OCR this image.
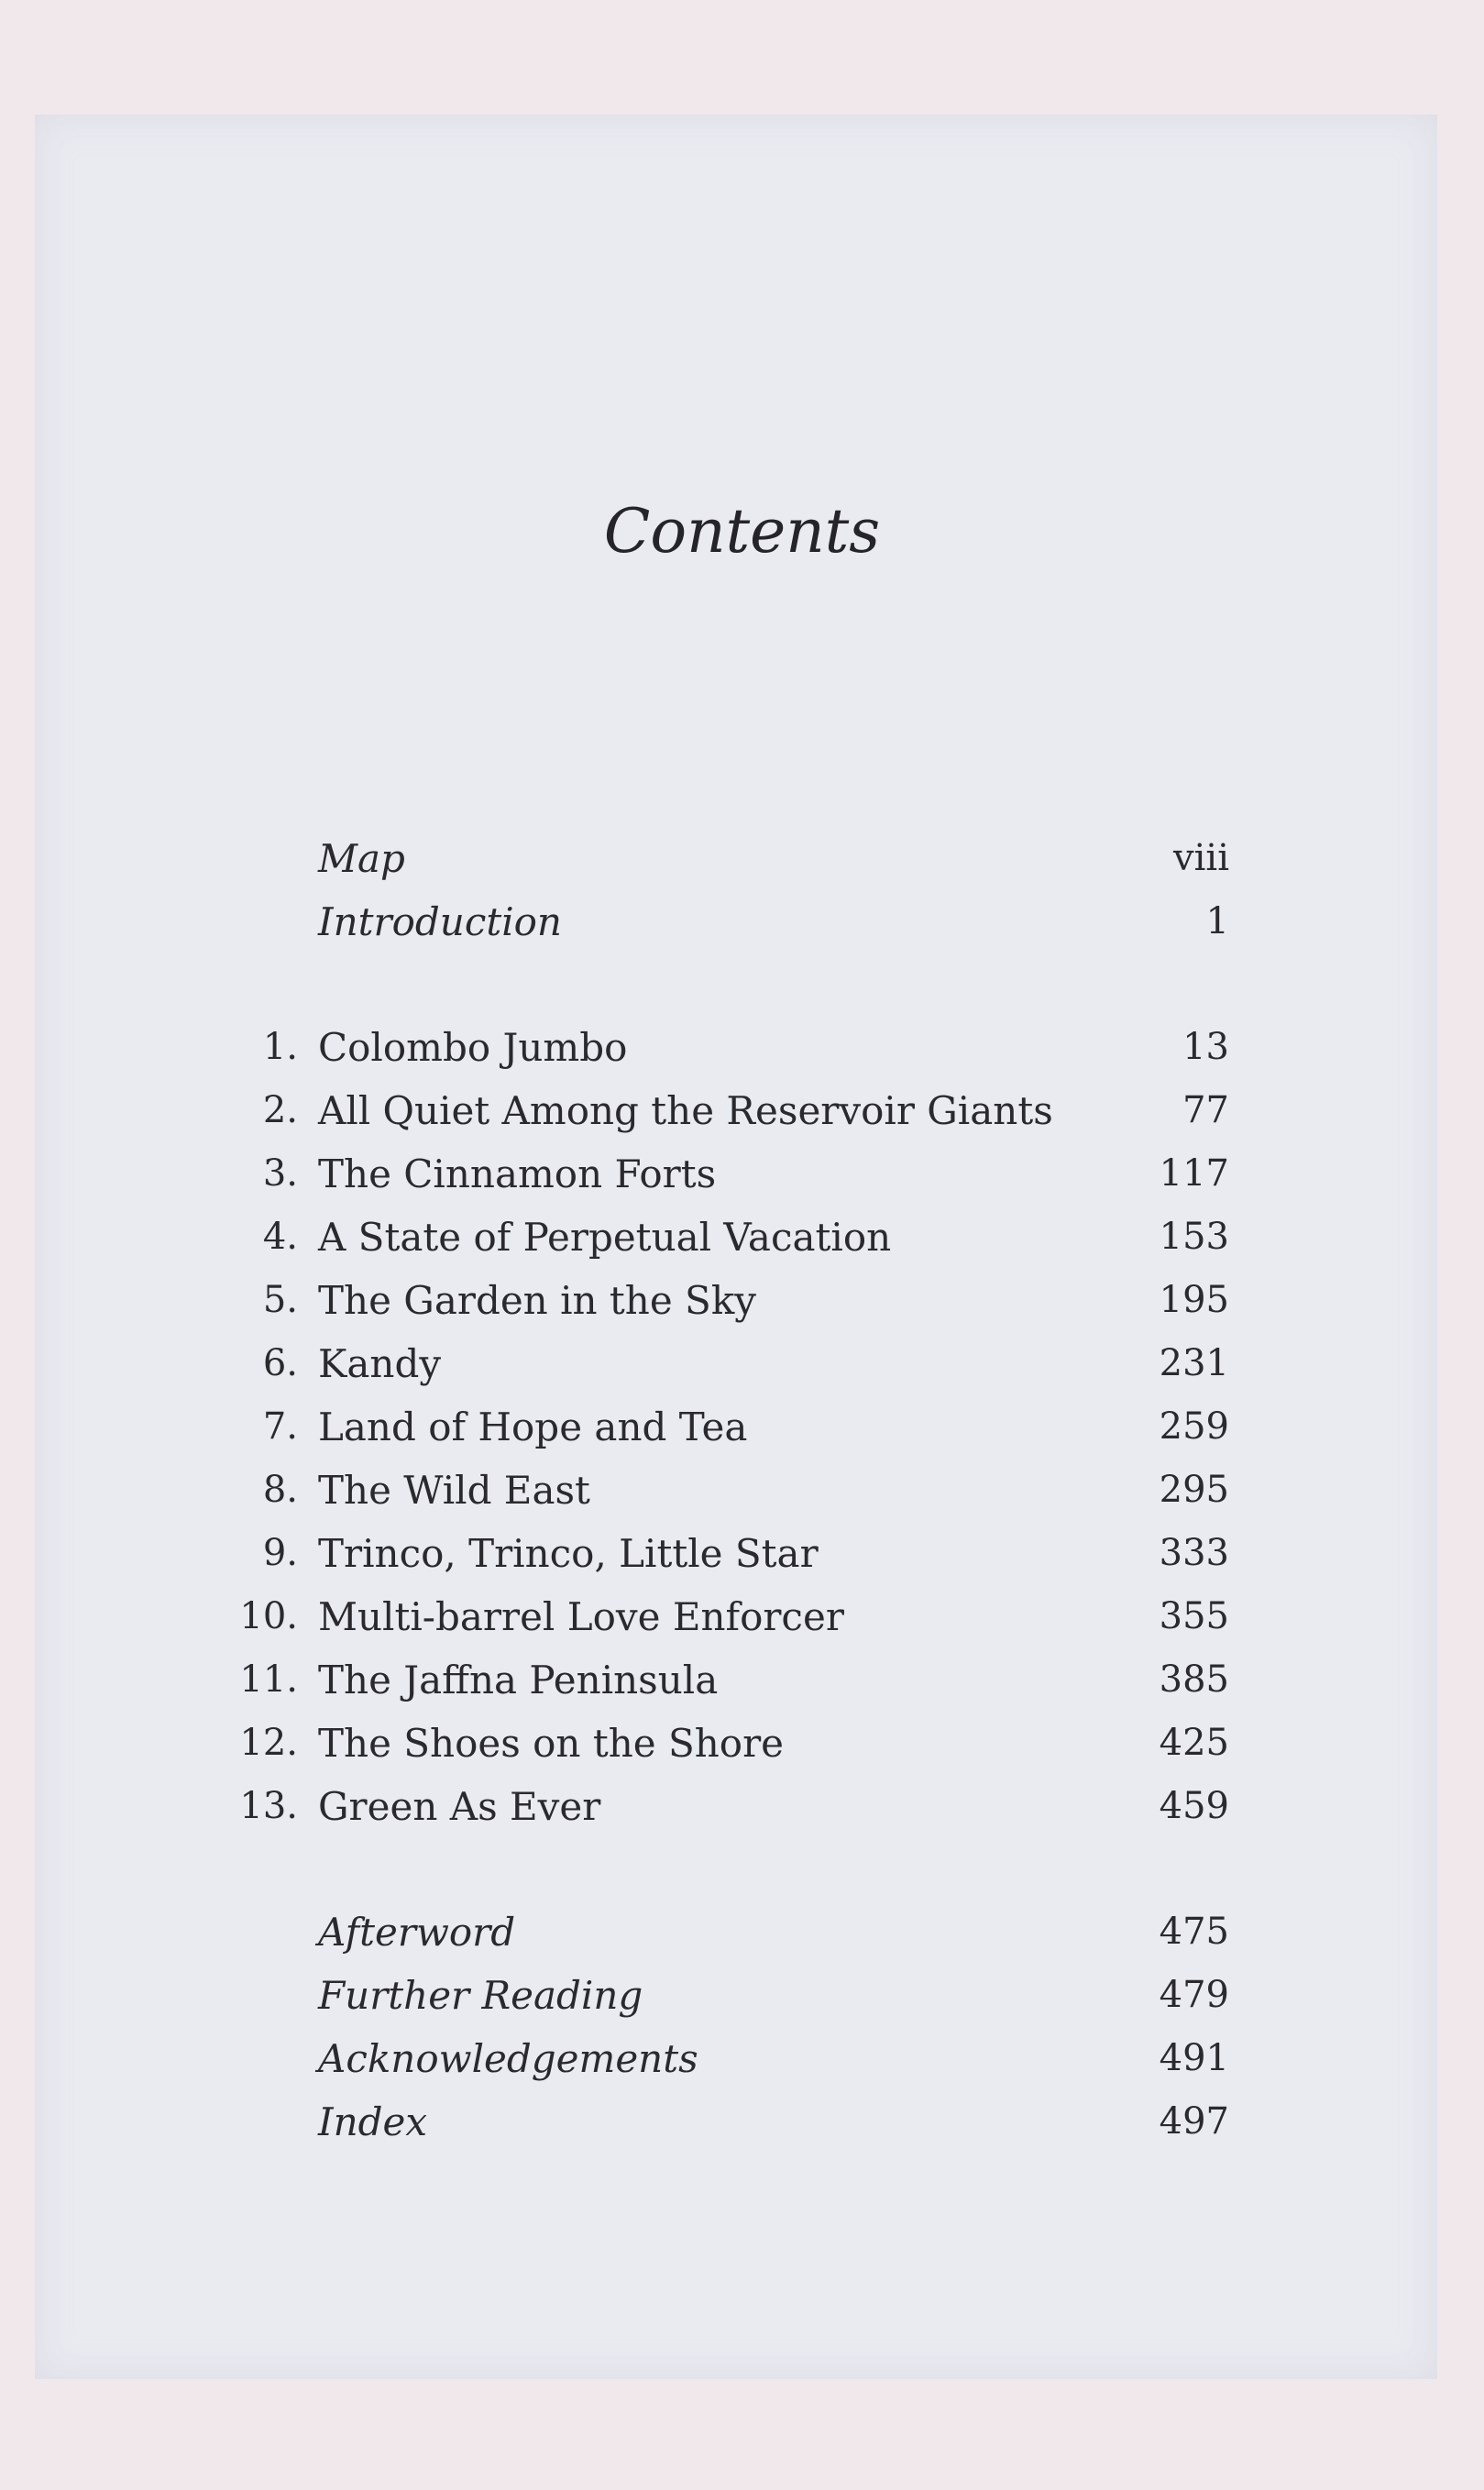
Contents
Map	viii
Introduction	1
1. Colombo Jumbo	13
2. All Quiet Among the Reservoir Giants	77
3. The Cinnamon Forts	117
4. A State of Perpetual Vacation	153
5. The Garden in the Sky	195
6. Kandy	231
7. Land of Hope and Tea	259
8. The Wild East	295
9. Trinco, Trinco, Little Star	333
10. Multi-barrel Love Enforcer	355
11. The Jaffna Peninsula	385
12. The Shoes on the Shore	425
13. Green As Ever	459
Afterword	475
Further Reading	479
Acknowledgements	491
Index	497
